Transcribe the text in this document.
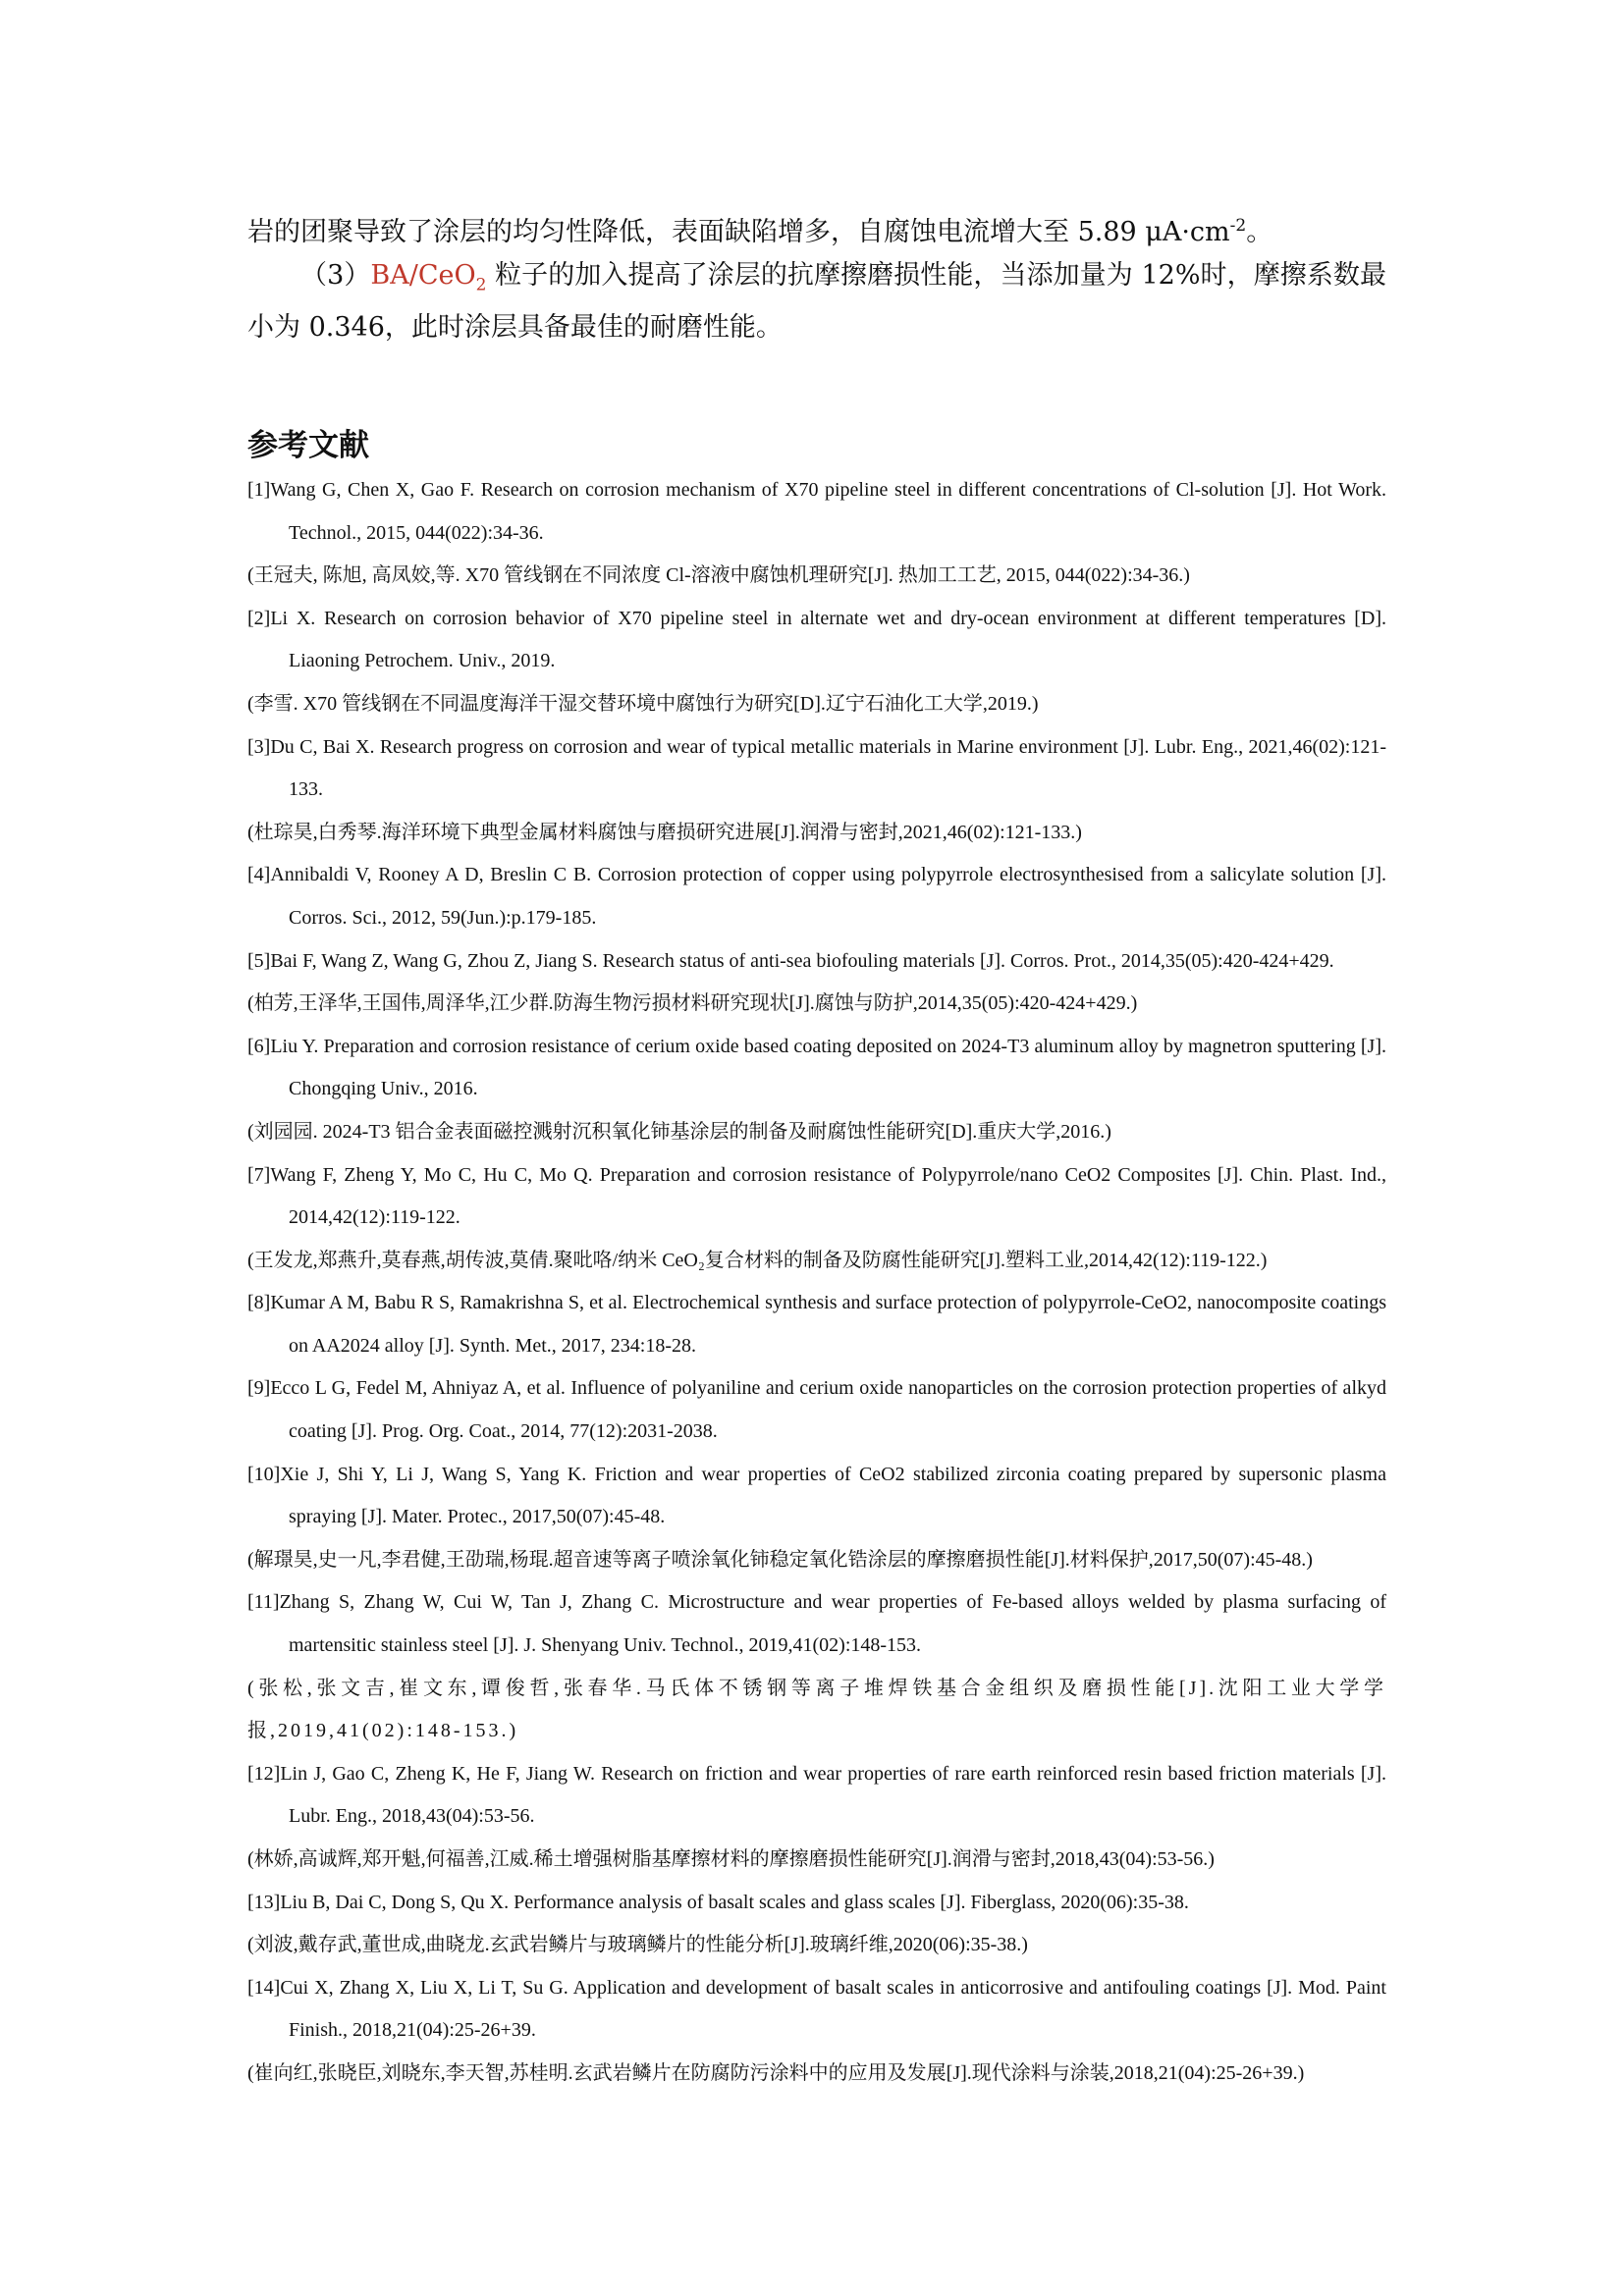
岩的团聚导致了涂层的均匀性降低，表面缺陷增多，自腐蚀电流增大至 5.89 $\mu A\cdot cm^{-2}$。
（3）BA/CeO$_2$ 粒子的加入提高了涂层的抗摩擦磨损性能，当添加量为 12%时，摩擦系数最小为 0.346，此时涂层具备最佳的耐磨性能。
参考文献

[1]Wang G, Chen X, Gao F. Research on corrosion mechanism of X70 pipeline steel in different concentrations of Cl-solution [J]. Hot Work. Technol., 2015, 044(022):34-36.

(王冠夫, 陈旭, 高凤姣,等. X70 管线钢在不同浓度 Cl-溶液中腐蚀机理研究[J]. 热加工工艺, 2015, 044(022):34-36.)

[2]Li X. Research on corrosion behavior of X70 pipeline steel in alternate wet and dry-ocean environment at different temperatures [D]. Liaoning Petrochem. Univ., 2019.

(李雪. X70 管线钢在不同温度海洋干湿交替环境中腐蚀行为研究[D].辽宁石油化工大学,2019.)

[3]Du C, Bai X. Research progress on corrosion and wear of typical metallic materials in Marine environment [J]. Lubr. Eng., 2021,46(02):121-133.

(杜琮昊,白秀琴.海洋环境下典型金属材料腐蚀与磨损研究进展[J].润滑与密封,2021,46(02):121-133.)

[4]Annibaldi V, Rooney A D, Breslin C B. Corrosion protection of copper using polypyrrole electrosynthesised from a salicylate solution [J]. Corros. Sci., 2012, 59(Jun.):p.179-185.

[5]Bai F, Wang Z, Wang G, Zhou Z, Jiang S. Research status of anti-sea biofouling materials [J]. Corros. Prot., 2014,35(05):420-424+429.

(柏芳,王泽华,王国伟,周泽华,江少群.防海生物污损材料研究现状[J].腐蚀与防护,2014,35(05):420-424+429.)

[6]Liu Y. Preparation and corrosion resistance of cerium oxide based coating deposited on 2024-T3 aluminum alloy by magnetron sputtering [J]. Chongqing Univ., 2016.

(刘园园. 2024-T3 铝合金表面磁控溅射沉积氧化铈基涂层的制备及耐腐蚀性能研究[D].重庆大学,2016.)

[7]Wang F, Zheng Y, Mo C, Hu C, Mo Q. Preparation and corrosion resistance of Polypyrrole/nano CeO2 Composites [J]. Chin. Plast. Ind., 2014,42(12):119-122.

(王发龙,郑燕升,莫春燕,胡传波,莫倩.聚吡咯/纳米 CeO₂复合材料的制备及防腐性能研究[J].塑料工业,2014,42(12):119-122.)

[8]Kumar A M, Babu R S, Ramakrishna S, et al. Electrochemical synthesis and surface protection of polypyrrole-CeO2, nanocomposite coatings on AA2024 alloy [J]. Synth. Met., 2017, 234:18-28.

[9]Ecco L G, Fedel M, Ahniyaz A, et al. Influence of polyaniline and cerium oxide nanoparticles on the corrosion protection properties of alkyd coating [J]. Prog. Org. Coat., 2014, 77(12):2031-2038.

[10]Xie J, Shi Y, Li J, Wang S, Yang K. Friction and wear properties of CeO2 stabilized zirconia coating prepared by supersonic plasma spraying [J]. Mater. Protec., 2017,50(07):45-48.

(解璟昊,史一凡,李君健,王劭瑞,杨琨.超音速等离子喷涂氧化铈稳定氧化锆涂层的摩擦磨损性能[J].材料保护,2017,50(07):45-48.)

[11]Zhang S, Zhang W, Cui W, Tan J, Zhang C. Microstructure and wear properties of Fe-based alloys welded by plasma surfacing of martensitic stainless steel [J]. J. Shenyang Univ. Technol., 2019,41(02):148-153.

(张松,张文吉,崔文东,谭俊哲,张春华.马氏体不锈钢等离子堆焊铁基合金组织及磨损性能[J].沈阳工业大学学报,2019,41(02):148-153.)

[12]Lin J, Gao C, Zheng K, He F, Jiang W. Research on friction and wear properties of rare earth reinforced resin based friction materials [J]. Lubr. Eng., 2018,43(04):53-56.

(林娇,高诚辉,郑开魁,何福善,江威.稀土增强树脂基摩擦材料的摩擦磨损性能研究[J].润滑与密封,2018,43(04):53-56.)

[13]Liu B, Dai C, Dong S, Qu X. Performance analysis of basalt scales and glass scales [J]. Fiberglass, 2020(06):35-38.

(刘波,戴存武,董世成,曲晓龙.玄武岩鳞片与玻璃鳞片的性能分析[J].玻璃纤维,2020(06):35-38.)

[14]Cui X, Zhang X, Liu X, Li T, Su G. Application and development of basalt scales in anticorrosive and antifouling coatings [J]. Mod. Paint Finish., 2018,21(04):25-26+39.

(崔向红,张晓臣,刘晓东,李天智,苏桂明.玄武岩鳞片在防腐防污涂料中的应用及发展[J].现代涂料与涂装,2018,21(04):25-26+39.)
